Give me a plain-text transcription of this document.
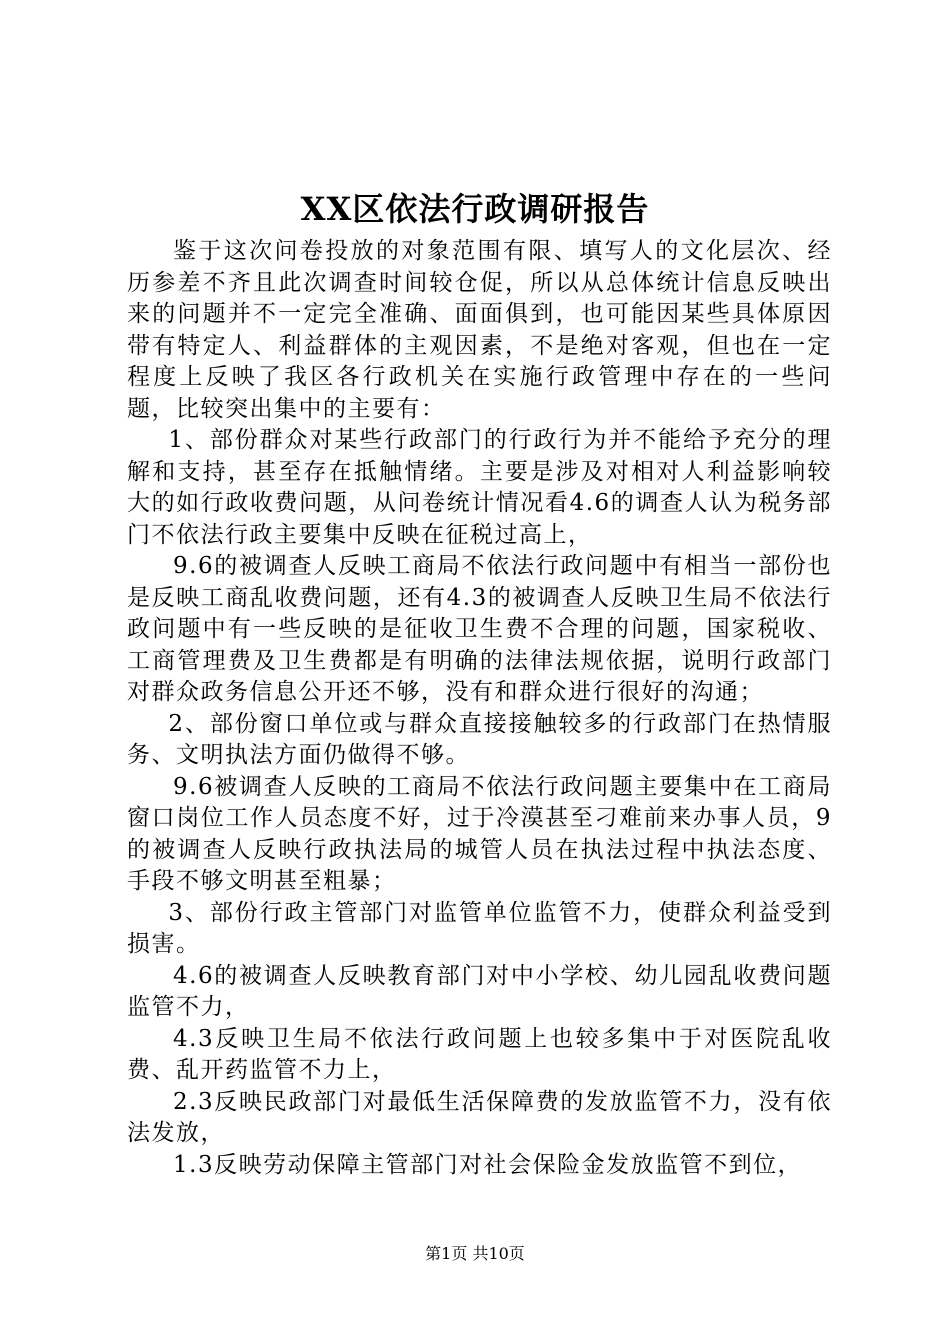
XX区依法行政调研报告

鉴于这次问卷投放的对象范围有限、填写人的文化层次、经历参差不齐且此次调查时间较仓促，所以从总体统计信息反映出来的问题并不一定完全准确、面面俱到，也可能因某些具体原因带有特定人、利益群体的主观因素，不是绝对客观，但也在一定程度上反映了我区各行政机关在实施行政管理中存在的一些问题，比较突出集中的主要有：

1、部份群众对某些行政部门的行政行为并不能给予充分的理解和支持，甚至存在抵触情绪。主要是涉及对相对人利益影响较大的如行政收费问题，从问卷统计情况看4.6的调查人认为税务部门不依法行政主要集中反映在征税过高上，

9.6的被调查人反映工商局不依法行政问题中有相当一部份也是反映工商乱收费问题，还有4.3的被调查人反映卫生局不依法行政问题中有一些反映的是征收卫生费不合理的问题，国家税收、工商管理费及卫生费都是有明确的法律法规依据，说明行政部门对群众政务信息公开还不够，没有和群众进行很好的沟通；

2、部份窗口单位或与群众直接接触较多的行政部门在热情服务、文明执法方面仍做得不够。

9.6被调查人反映的工商局不依法行政问题主要集中在工商局窗口岗位工作人员态度不好，过于冷漠甚至刁难前来办事人员，9的被调查人反映行政执法局的城管人员在执法过程中执法态度、手段不够文明甚至粗暴；

3、部份行政主管部门对监管单位监管不力，使群众利益受到损害。

4.6的被调查人反映教育部门对中小学校、幼儿园乱收费问题监管不力，

4.3反映卫生局不依法行政问题上也较多集中于对医院乱收费、乱开药监管不力上，

2.3反映民政部门对最低生活保障费的发放监管不力，没有依法发放，

1.3反映劳动保障主管部门对社会保险金发放监管不到位，

第1页 共10页
